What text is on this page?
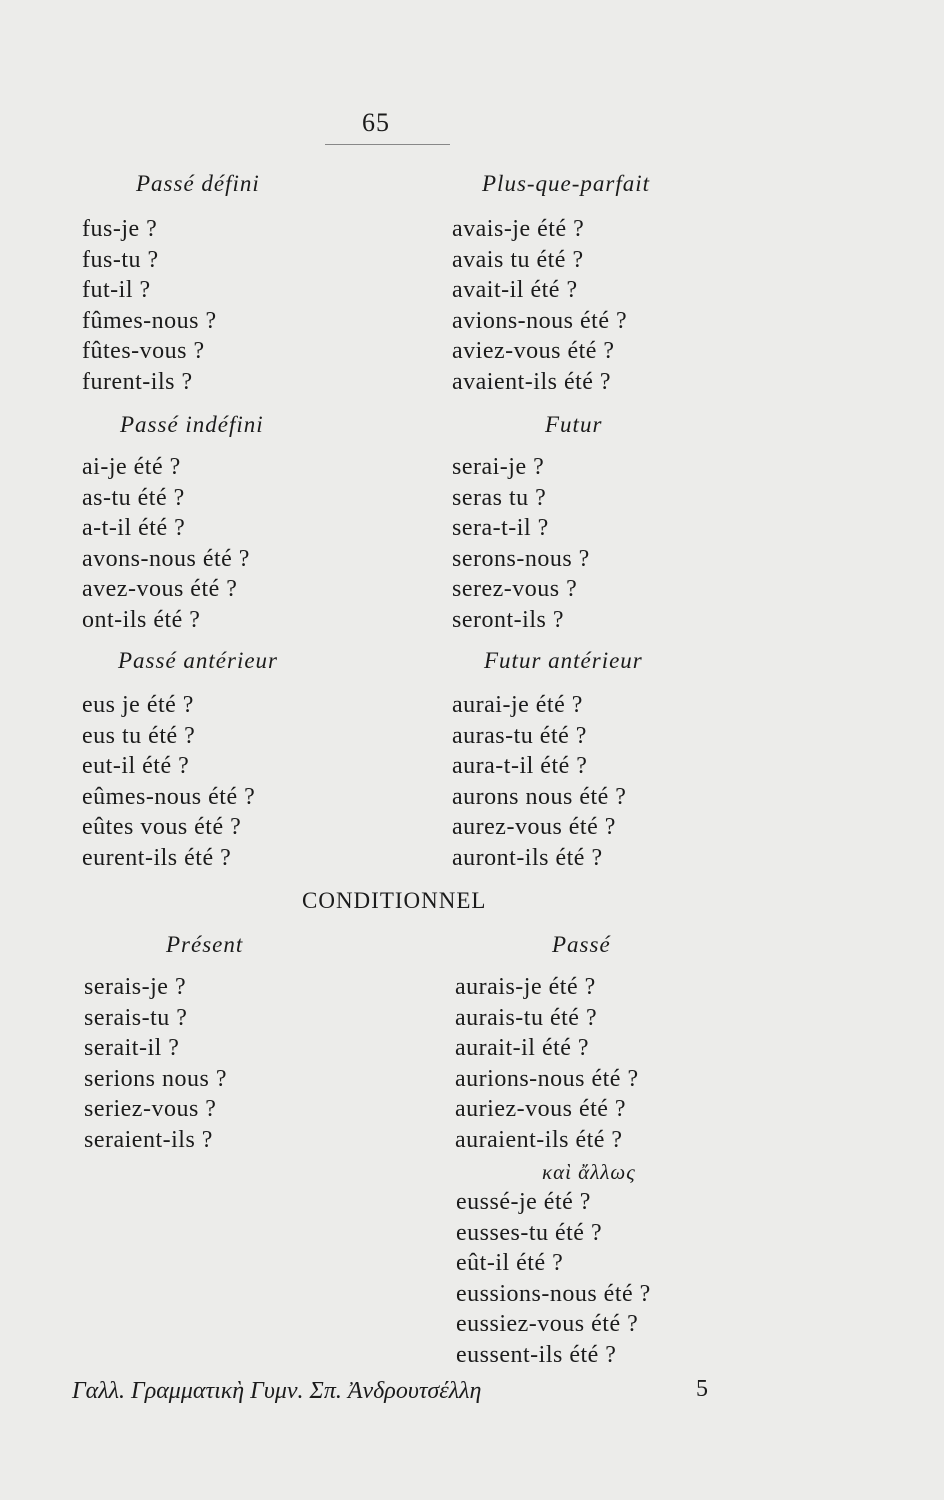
65
Passé défini
fus-je ?
fus-tu ?
fut-il ?
fûmes-nous ?
fûtes-vous ?
furent-ils ?
Passé indéfini
ai-je été ?
as-tu été ?
a-t-il été ?
avons-nous été ?
avez-vous été ?
ont-ils été ?
Passé antérieur
eus je été ?
eus tu été ?
eut-il été ?
eûmes-nous été ?
eûtes vous été ?
eurent-ils été ?
CONDITIONNEL
Présent
serais-je ?
serais-tu ?
serait-il ?
serions nous ?
seriez-vous ?
seraient-ils ?
Plus-que-parfait
avais-je été ?
avais tu été ?
avait-il été ?
avions-nous été ?
aviez-vous été ?
avaient-ils été ?
Futur
serai-je ?
seras tu ?
sera-t-il ?
serons-nous ?
serez-vous ?
seront-ils ?
Futur antérieur
aurai-je été ?
auras-tu été ?
aura-t-il été ?
aurons nous été ?
aurez-vous été ?
auront-ils été ?
Passé
aurais-je été ?
aurais-tu été ?
aurait-il été ?
aurions-nous été ?
auriez-vous été ?
auraient-ils été ?
καὶ ἄλλως
eussé-je été ?
eusses-tu été ?
eût-il été ?
eussions-nous été ?
eussiez-vous été ?
eussent-ils été ?
Γαλλ. Γραμματικὴ Γυμν. Σπ. Ἀνδρουτσέλλη	5
